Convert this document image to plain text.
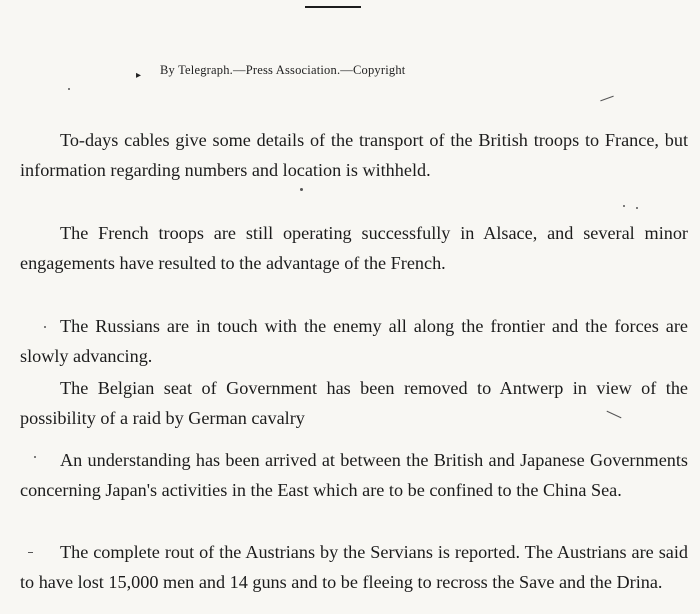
▸ By Telegraph.—Press Association.—Copyright

To-days cables give some details of the transport of the British troops to France, but information regarding numbers and location is withheld.

The French troops are still operating successfully in Alsace, and several minor engagements have resulted to the advantage of the French.

The Russians are in touch with the enemy all along the frontier and the forces are slowly advancing.

The Belgian seat of Government has been removed to Antwerp in view of the possibility of a raid by German cavalry

An understanding has been arrived at between the British and Japanese Governments concerning Japan's activities in the East which are to be confined to the China Sea.

The complete rout of the Austrians by the Servians is reported. The Austrians are said to have lost 15,000 men and 14 guns and to be fleeing to recross the Save and the Drina.
